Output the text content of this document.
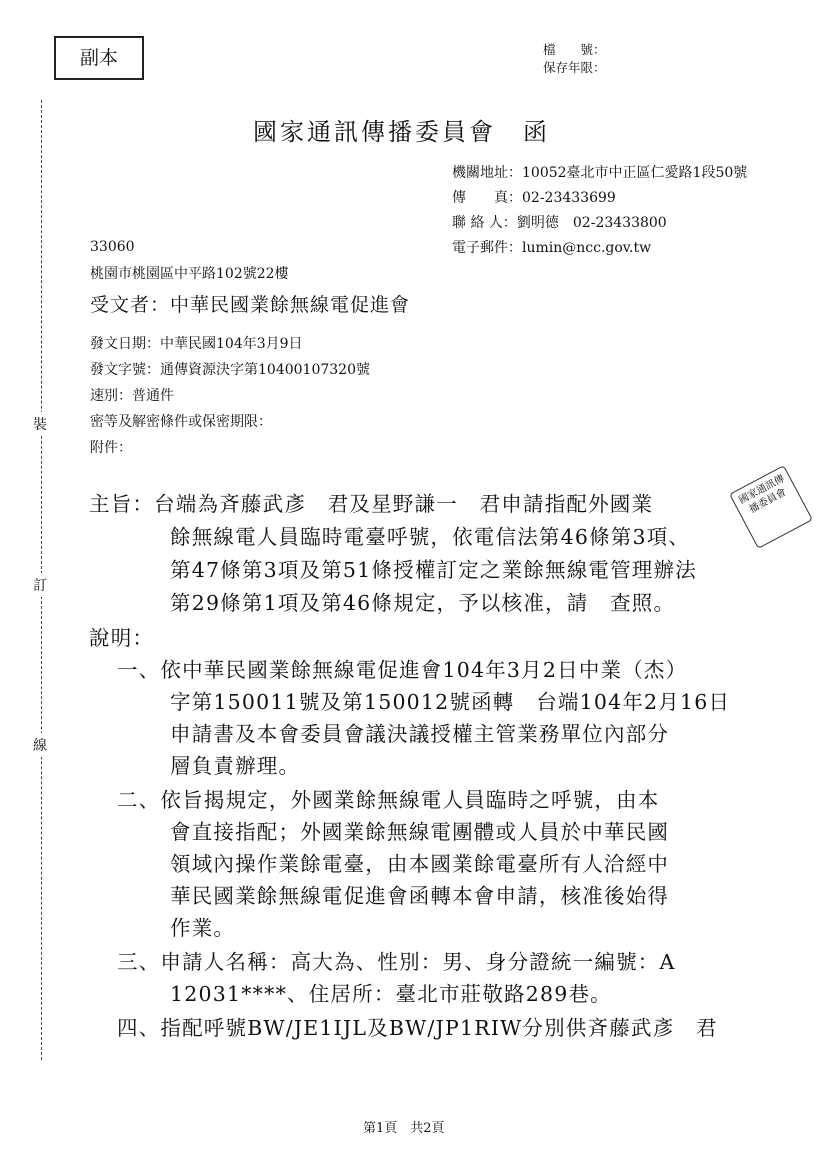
副本	檔　　號：
保存年限：
裝
訂
線
國家通訊傳播委員會　函
機關地址：10052臺北市中正區仁愛路1段50號
傳　　真：02-23433699
聯 絡 人：劉明德　02-23433800
電子郵件：lumin@ncc.gov.tw
33060
桃園市桃園區中平路102號22樓
受文者：中華民國業餘無線電促進會
發文日期：中華民國104年3月9日
發文字號：通傳資源決字第10400107320號
速別：普通件
密等及解密條件或保密期限：
附件：
國家通訊傳播委員會
主旨：台端為斉藤武彥　君及星野謙一　君申請指配外國業
餘無線電人員臨時電臺呼號，依電信法第46條第3項、
第47條第3項及第51條授權訂定之業餘無線電管理辦法
第29條第1項及第46條規定，予以核准，請　查照。
說明：
一、依中華民國業餘無線電促進會104年3月2日中業（杰）
字第150011號及第150012號函轉　台端104年2月16日
申請書及本會委員會議決議授權主管業務單位內部分
層負責辦理。
二、依旨揭規定，外國業餘無線電人員臨時之呼號，由本
會直接指配；外國業餘無線電團體或人員於中華民國
領域內操作業餘電臺，由本國業餘電臺所有人洽經中
華民國業餘無線電促進會函轉本會申請，核准後始得
作業。
三、申請人名稱：高大為、性別：男、身分證統一編號：A
12031****、住居所：臺北市莊敬路289巷。
四、指配呼號BW/JE1IJL及BW/JP1RIW分別供斉藤武彥　君
第1頁　共2頁
